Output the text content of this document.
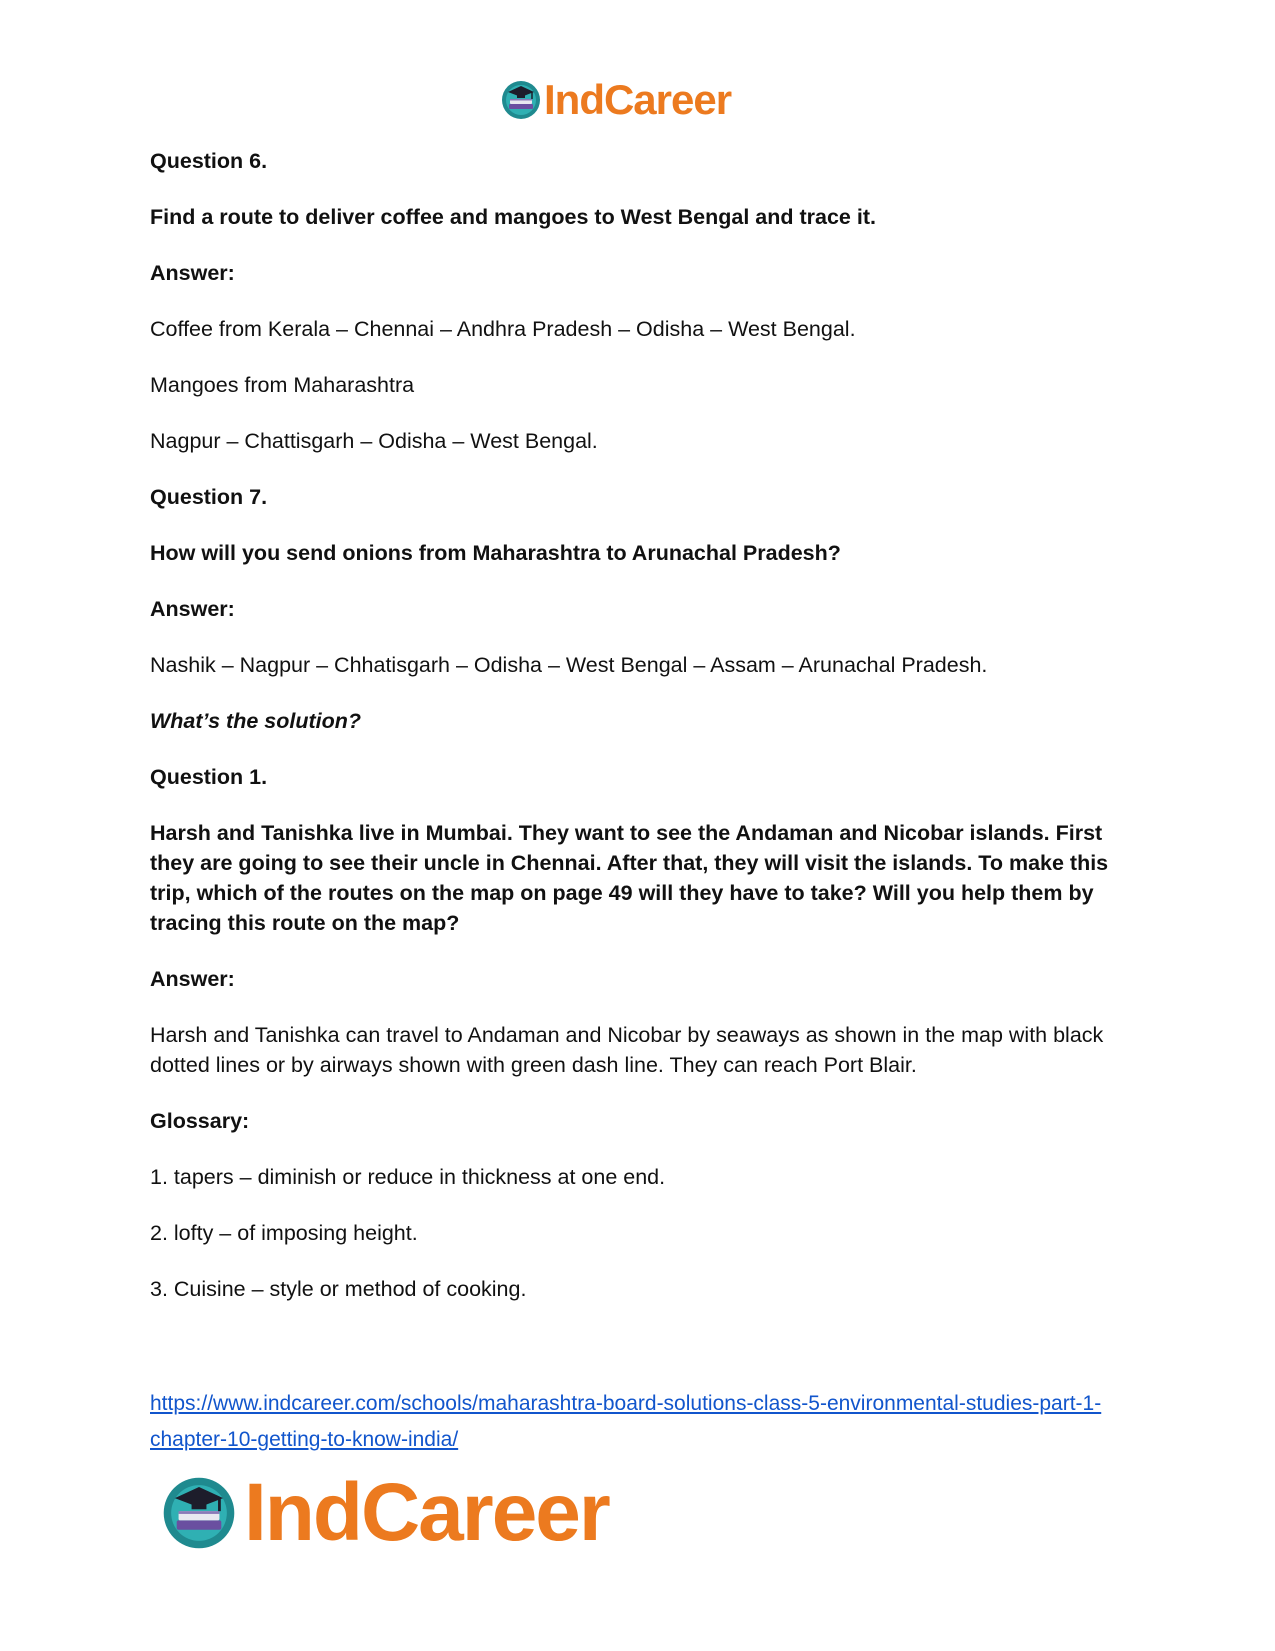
IndCareer

Question 6.

Find a route to deliver coffee and mangoes to West Bengal and trace it.

Answer:

Coffee from Kerala – Chennai – Andhra Pradesh – Odisha – West Bengal.

Mangoes from Maharashtra

Nagpur – Chattisgarh – Odisha – West Bengal.

Question 7.

How will you send onions from Maharashtra to Arunachal Pradesh?

Answer:

Nashik – Nagpur – Chhatisgarh – Odisha – West Bengal – Assam – Arunachal Pradesh.

What’s the solution?

Question 1.

Harsh and Tanishka live in Mumbai. They want to see the Andaman and Nicobar islands. First they are going to see their uncle in Chennai. After that, they will visit the islands. To make this trip, which of the routes on the map on page 49 will they have to take? Will you help them by tracing this route on the map?

Answer:

Harsh and Tanishka can travel to Andaman and Nicobar by seaways as shown in the map with black dotted lines or by airways shown with green dash line. They can reach Port Blair.

Glossary:

1. tapers – diminish or reduce in thickness at one end.

2. lofty – of imposing height.

3. Cuisine – style or method of cooking.

https://www.indcareer.com/schools/maharashtra-board-solutions-class-5-environmental-studies-part-1-chapter-10-getting-to-know-india/
IndCareer
